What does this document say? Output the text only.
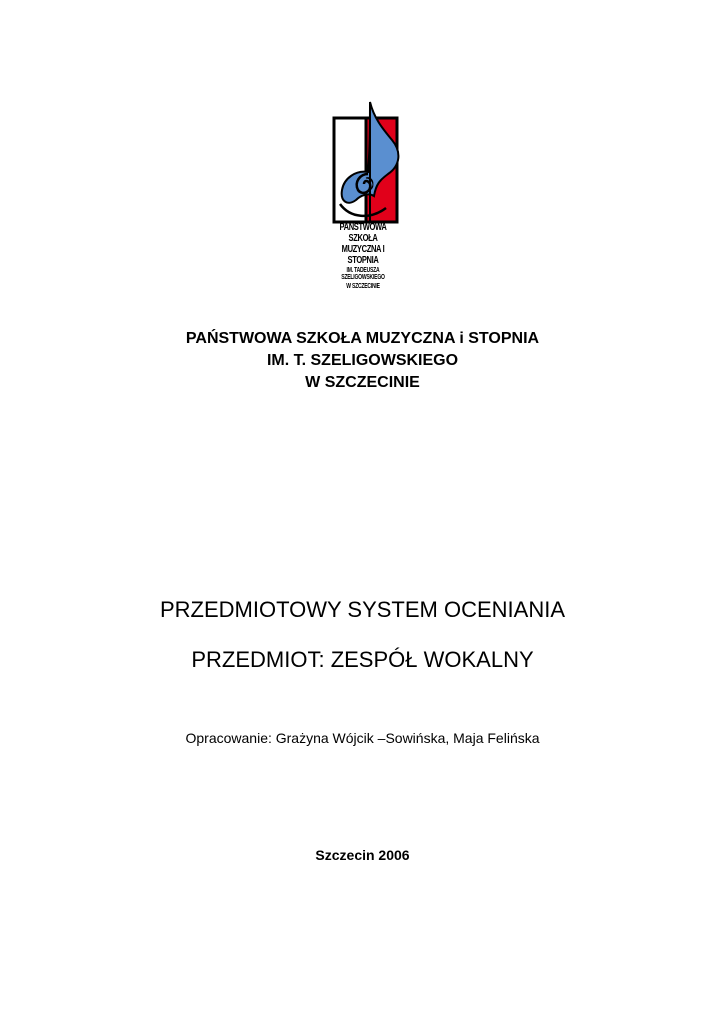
PAŃSTWOWA SZKOŁA
MUZYCZNA I STOPNIA
IM. TADEUSZA SZELIGOWSKIEGO
W SZCZECINIE
PAŃSTWOWA SZKOŁA MUZYCZNA i STOPNIA
IM. T. SZELIGOWSKIEGO
W SZCZECINIE
PRZEDMIOTOWY SYSTEM OCENIANIA
PRZEDMIOT: ZESPÓŁ WOKALNY
Opracowanie: Grażyna Wójcik –Sowińska, Maja Felińska
Szczecin 2006
